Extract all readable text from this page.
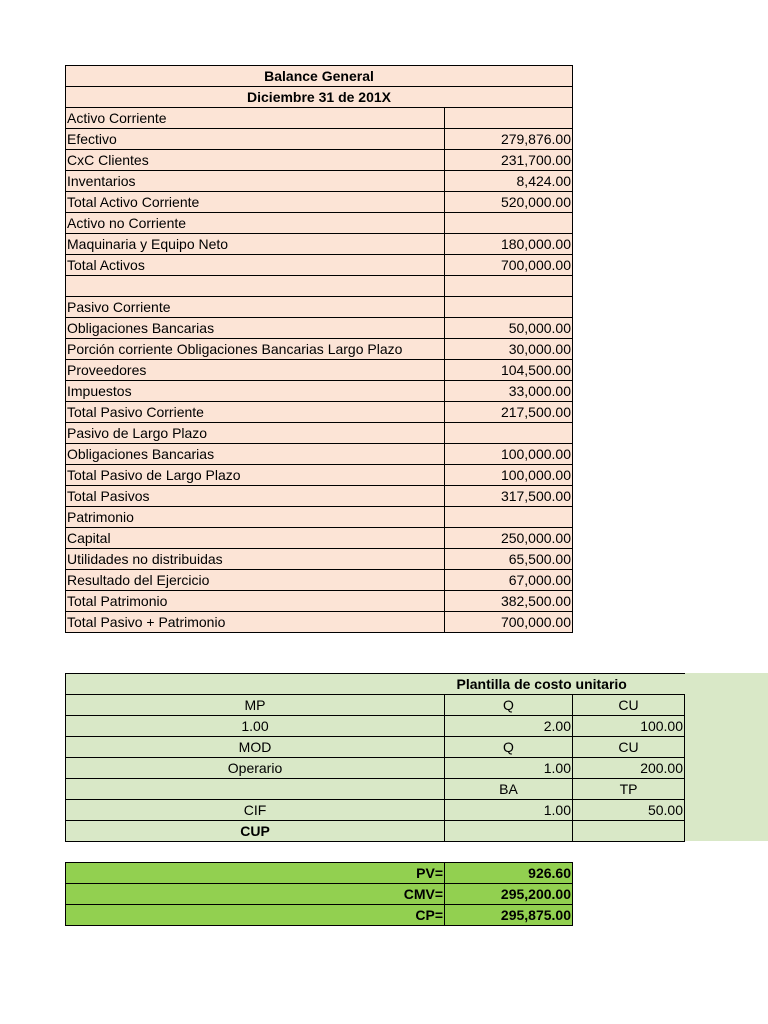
Balance General	
Diciembre 31 de 201X	
Activo Corriente	
Efectivo	279,876.00
CxC Clientes	231,700.00
Inventarios	8,424.00
Total Activo Corriente	520,000.00
Activo no Corriente	
Maquinaria y Equipo Neto	180,000.00
Total Activos	700,000.00

Pasivo Corriente	
Obligaciones Bancarias	50,000.00
Porción corriente Obligaciones Bancarias Largo Plazo	30,000.00
Proveedores	104,500.00
Impuestos	33,000.00
Total Pasivo Corriente	217,500.00
Pasivo de Largo Plazo	
Obligaciones Bancarias	100,000.00
Total Pasivo de Largo Plazo	100,000.00
Total Pasivos	317,500.00
Patrimonio	
Capital	250,000.00
Utilidades no distribuidas	65,500.00
Resultado del Ejercicio	67,000.00
Total Patrimonio	382,500.00
Total Pasivo + Patrimonio	700,000.00
	Plantilla de costo unitario	
MP	Q	CU
1.00	2.00	100.00
MOD	Q	CU
Operario	1.00	200.00
	BA	TP
CIF	1.00	50.00
CUP		
PV=	926.60
CMV=	295,200.00
CP=	295,875.00
